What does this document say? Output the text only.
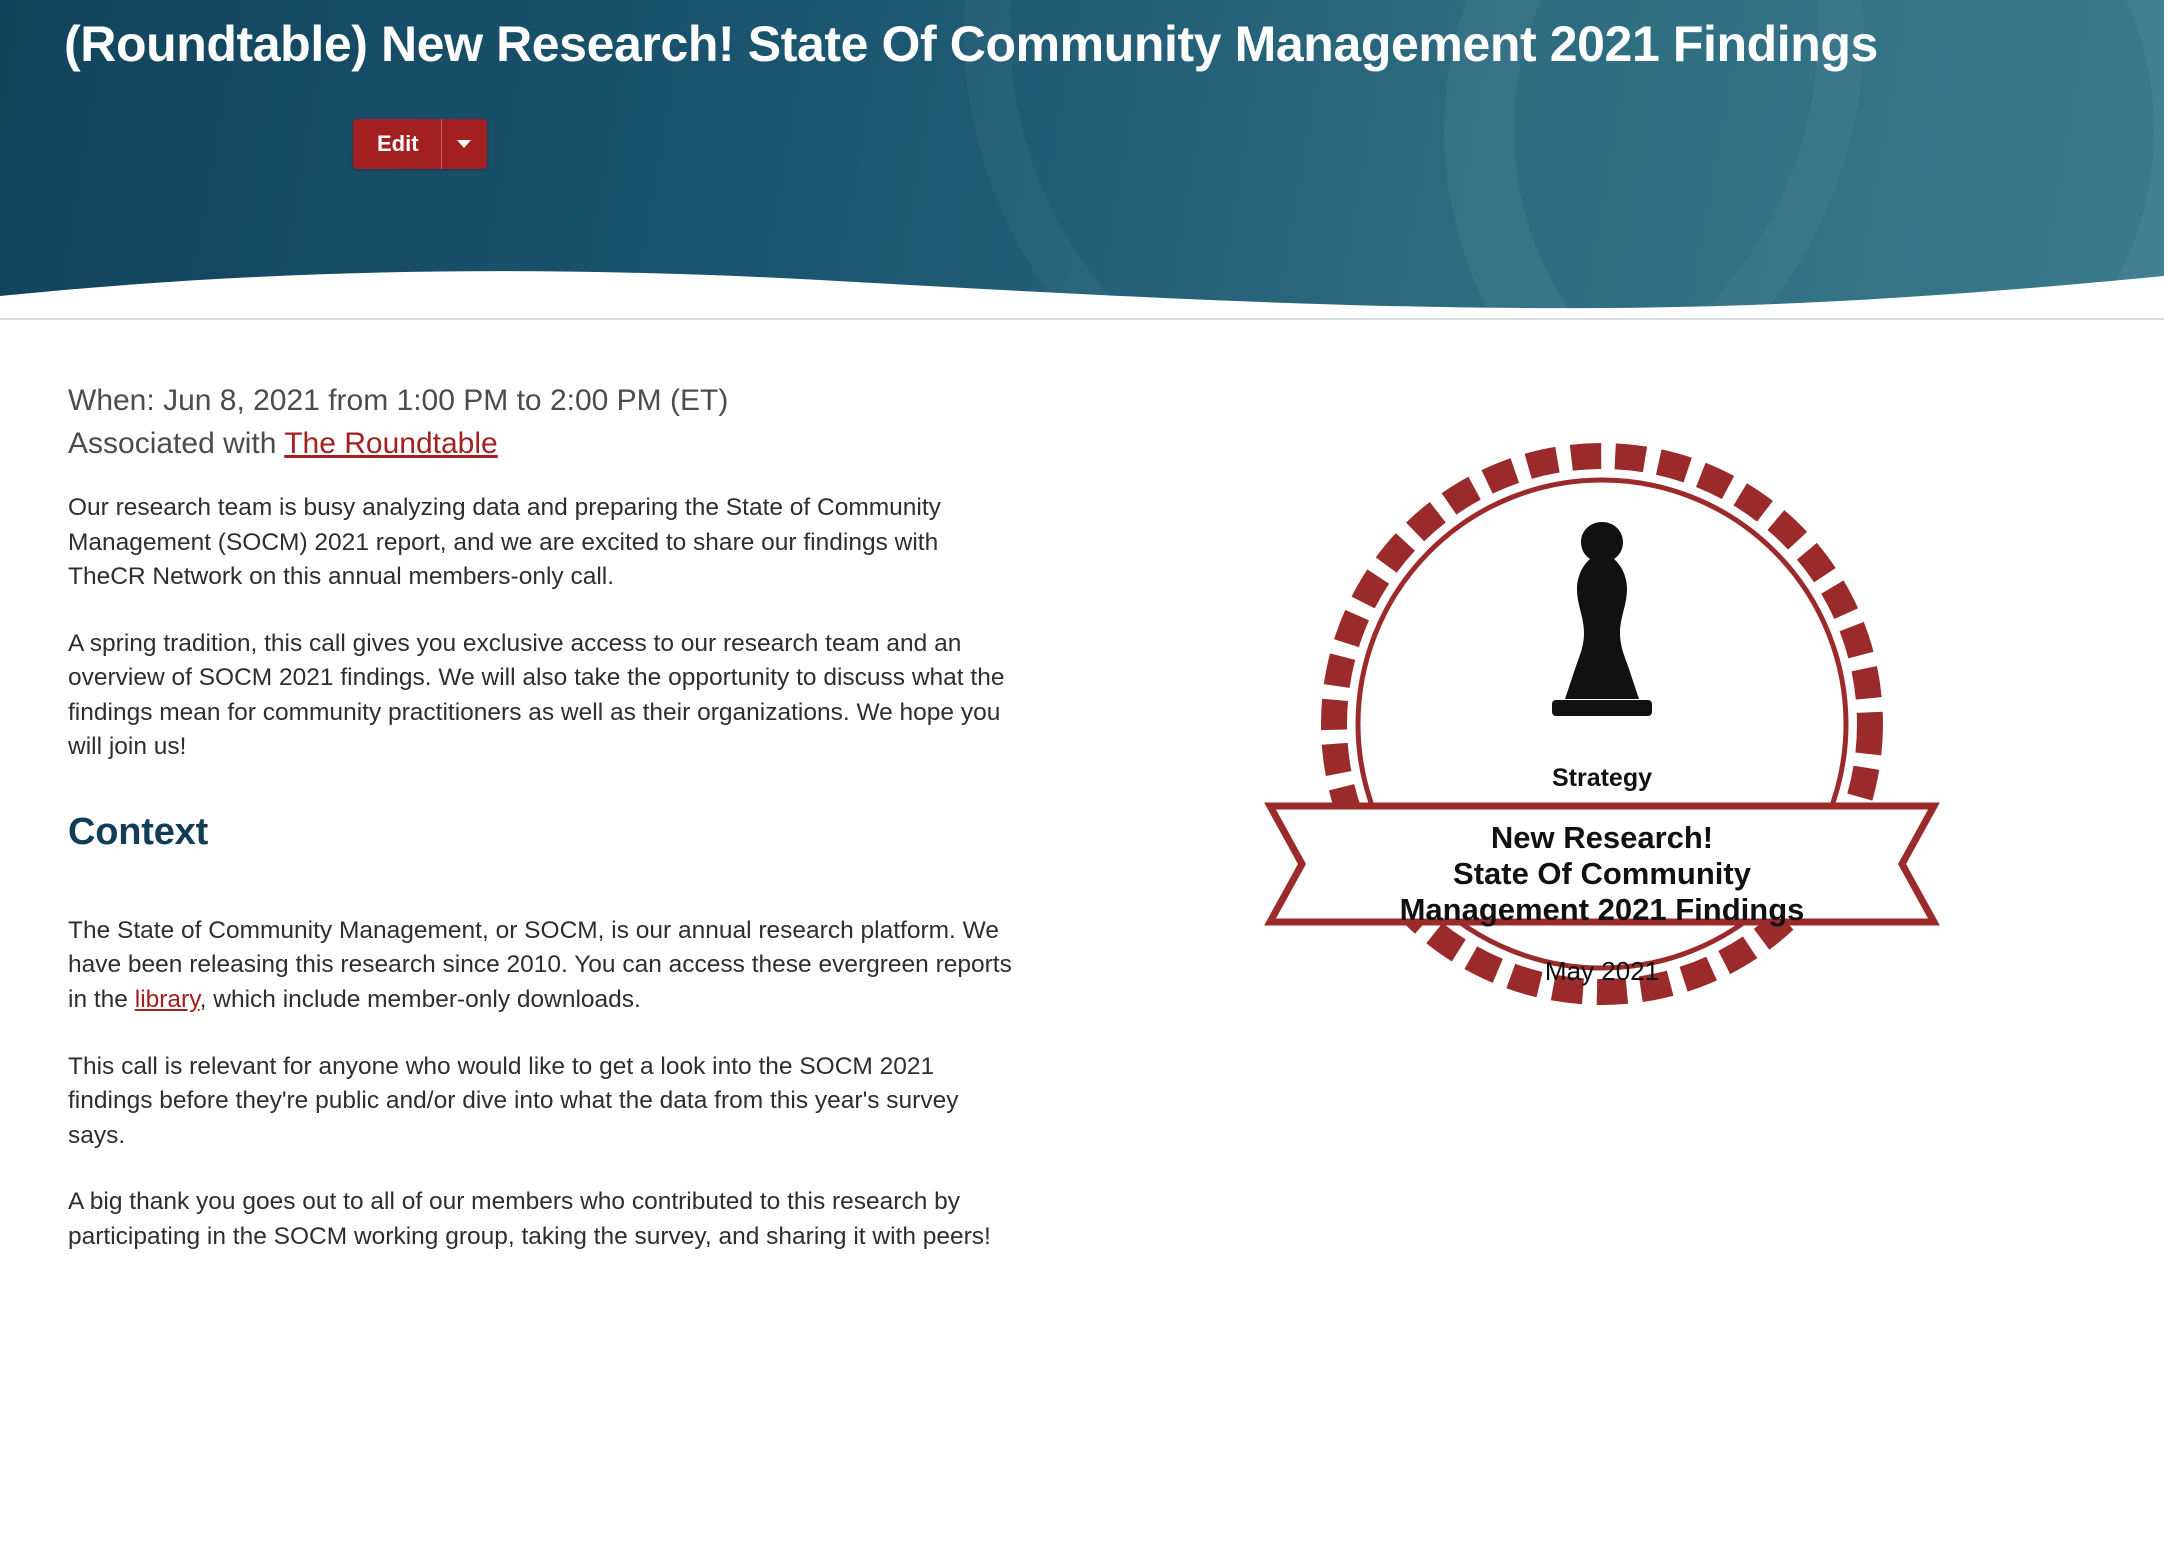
(Roundtable) New Research! State Of Community Management 2021 Findings
Edit
When: Jun 8, 2021 from 1:00 PM to 2:00 PM (ET)
Associated with The Roundtable

Our research team is busy analyzing data and preparing the State of Community Management (SOCM) 2021 report, and we are excited to share our findings with TheCR Network on this annual members-only call.

A spring tradition, this call gives you exclusive access to our research team and an overview of SOCM 2021 findings. We will also take the opportunity to discuss what the findings mean for community practitioners as well as their organizations. We hope you will join us!

Context

The State of Community Management, or SOCM, is our annual research platform. We have been releasing this research since 2010. You can access these evergreen reports in the library, which include member-only downloads.

This call is relevant for anyone who would like to get a look into the SOCM 2021 findings before they're public and/or dive into what the data from this year's survey says.

A big thank you goes out to all of our members who contributed to this research by participating in the SOCM working group, taking the survey, and sharing it with peers!

Strategy
New Research!
State Of Community
Management 2021 Findings
May 2021
